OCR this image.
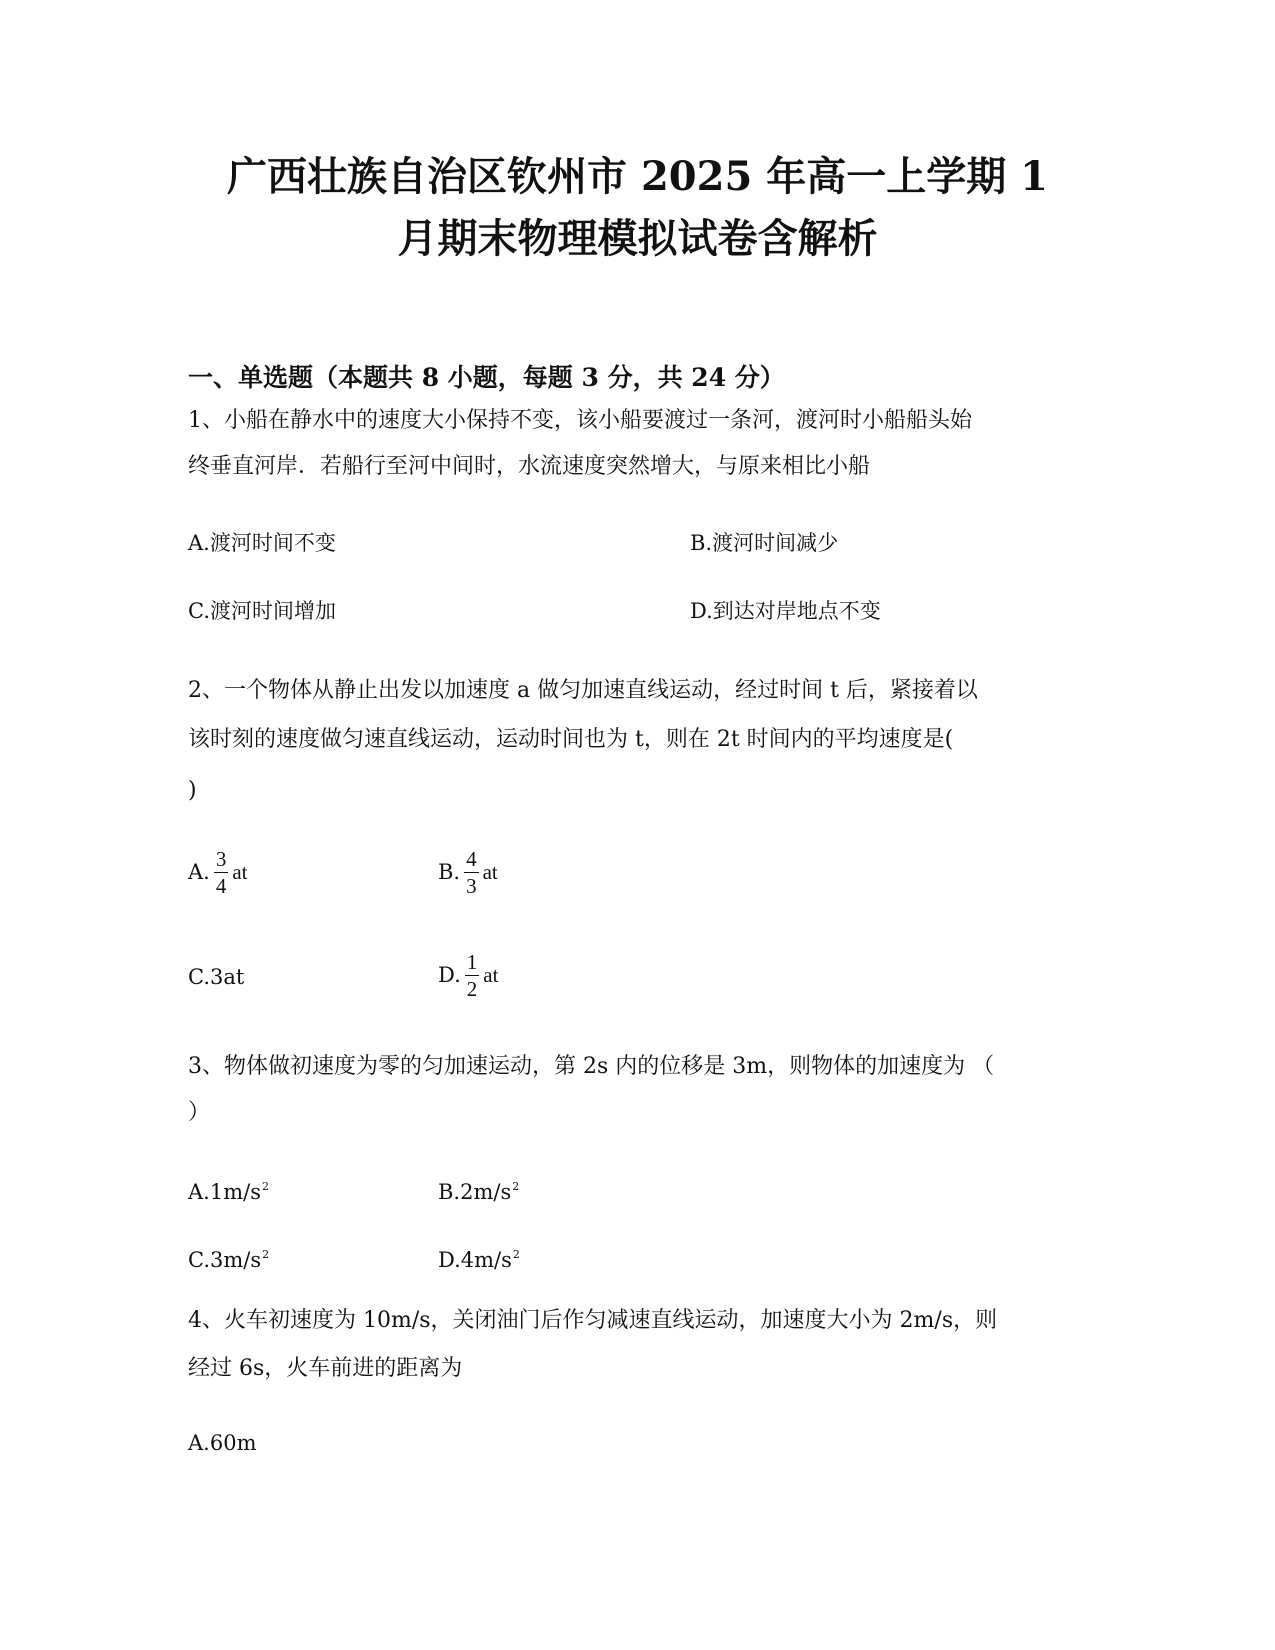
广西壮族自治区钦州市 2025 年高一上学期 1
月期末物理模拟试卷含解析
一、单选题（本题共 8 小题，每题 3 分，共 24 分）

1、小船在静水中的速度大小保持不变，该小船要渡过一条河，渡河时小船船头始

终垂直河岸．若船行至河中间时，水流速度突然增大，与原来相比小船

A.渡河时间不变	B.渡河时间减少
C.渡河时间增加	D.到达对岸地点不变

2、一个物体从静止出发以加速度 a 做匀加速直线运动，经过时间 t 后，紧接着以

该时刻的速度做匀速直线运动，运动时间也为 t，则在 2t 时间内的平均速度是(

)

A. $\frac{3}{4}$ at	B. $\frac{4}{3}$ at
C.3at	D. $\frac{1}{2}$ at

3、物体做初速度为零的匀加速运动，第 2s 内的位移是 3m，则物体的加速度为 （

）

$A.1m/s^2$	$B.2m/s^2$
$C.3m/s^2$	$D.4m/s^2$

4、火车初速度为 10m/s，关闭油门后作匀减速直线运动，加速度大小为 2m/s，则

经过 6s，火车前进的距离为

A.60m
